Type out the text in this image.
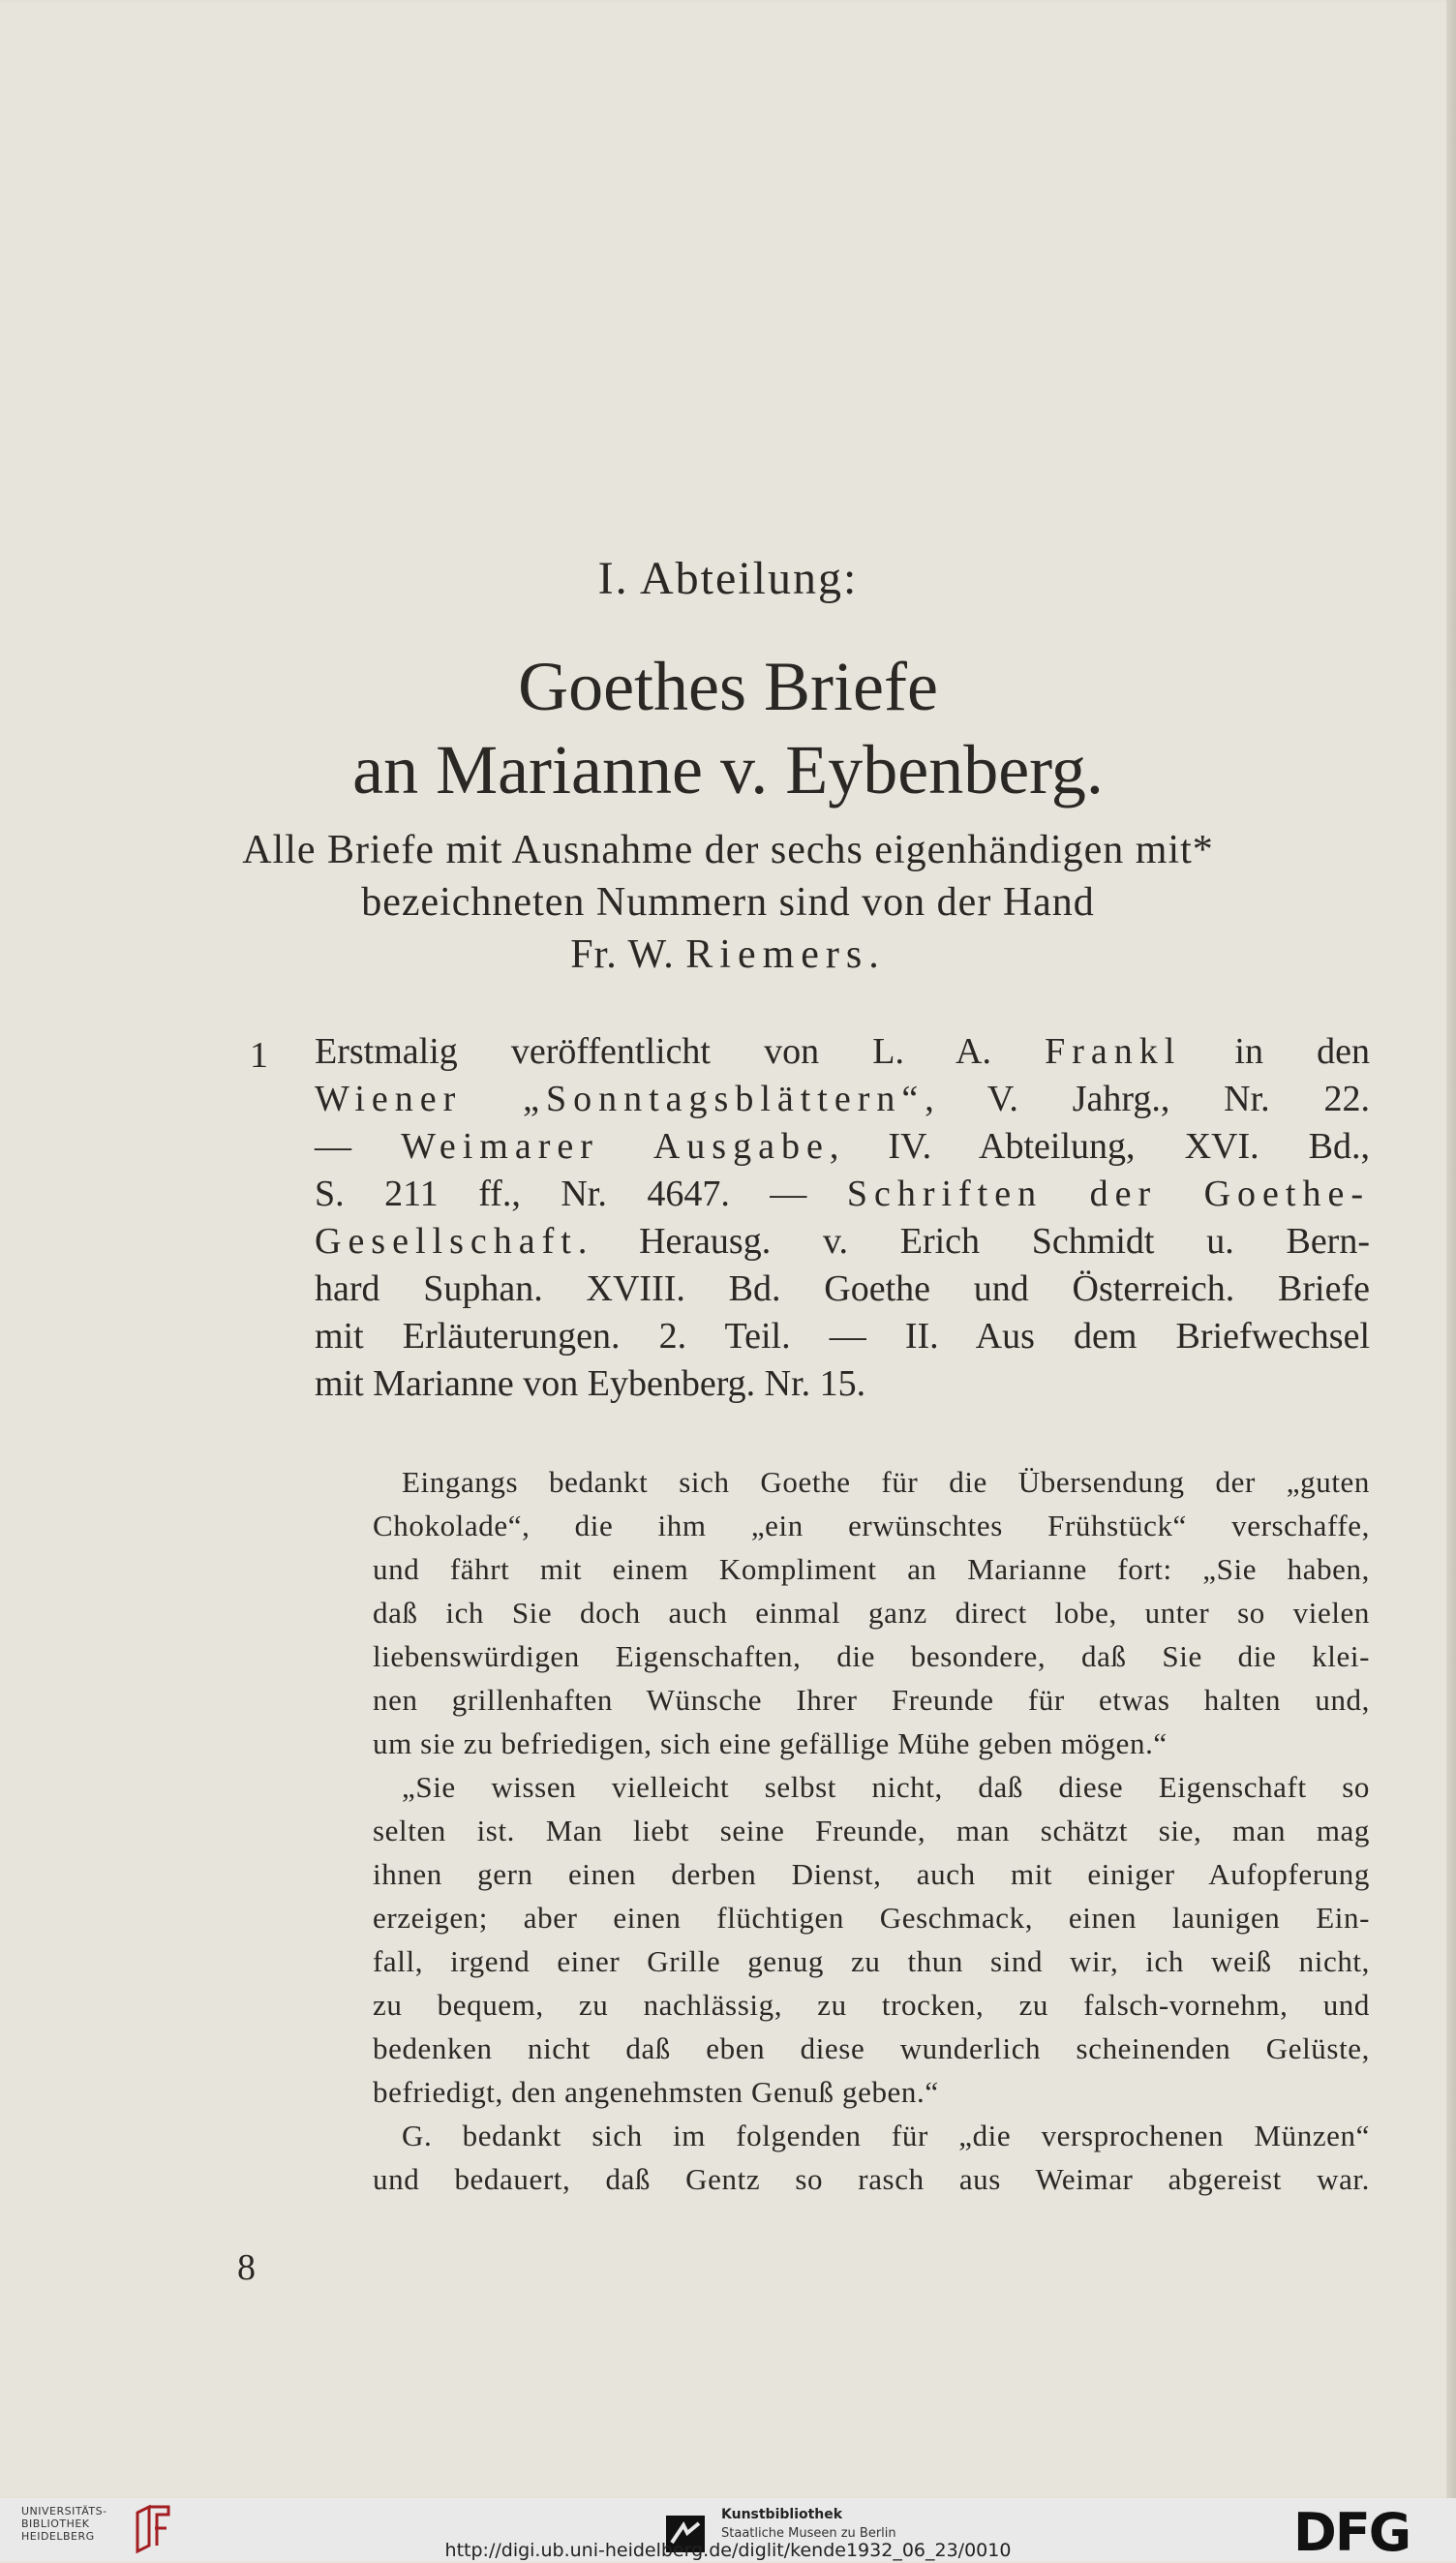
I. Abteilung:
Goethes Briefe
an Marianne v. Eybenberg.
Alle Briefe mit Ausnahme der sechs eigenhändigen mit*
bezeichneten Nummern sind von der Hand
Fr. W. Riemers.
1 Erstmalig veröffentlicht von L. A. Frankl in den
Wiener „Sonntagsblättern“, V. Jahrg., Nr. 22.
— Weimarer Ausgabe, IV. Abteilung, XVI. Bd.,
S. 211 ff., Nr. 4647. — Schriften der Goethe-
Gesellschaft. Herausg. v. Erich Schmidt u. Bern-
hard Suphan. XVIII. Bd. Goethe und Österreich. Briefe
mit Erläuterungen. 2. Teil. — II. Aus dem Briefwechsel
mit Marianne von Eybenberg. Nr. 15.
Eingangs bedankt sich Goethe für die Übersendung der „guten
Chokolade“, die ihm „ein erwünschtes Frühstück“ verschaffe,
und fährt mit einem Kompliment an Marianne fort: „Sie haben,
daß ich Sie doch auch einmal ganz direct lobe, unter so vielen
liebenswürdigen Eigenschaften, die besondere, daß Sie die klei-
nen grillenhaften Wünsche Ihrer Freunde für etwas halten und,
um sie zu befriedigen, sich eine gefällige Mühe geben mögen.“
„Sie wissen vielleicht selbst nicht, daß diese Eigenschaft so
selten ist. Man liebt seine Freunde, man schätzt sie, man mag
ihnen gern einen derben Dienst, auch mit einiger Aufopferung
erzeigen; aber einen flüchtigen Geschmack, einen launigen Ein-
fall, irgend einer Grille genug zu thun sind wir, ich weiß nicht,
zu bequem, zu nachlässig, zu trocken, zu falsch-vornehm, und
bedenken nicht daß eben diese wunderlich scheinenden Gelüste,
befriedigt, den angenehmsten Genuß geben.“
G. bedankt sich im folgenden für „die versprochenen Münzen“
und bedauert, daß Gentz so rasch aus Weimar abgereist war.
8
UNIVERSITÄTS-
BIBLIOTHEK
HEIDELBERG
Kunstbibliothek
Staatliche Museen zu Berlin	DFG
http://digi.ub.uni-heidelberg.de/diglit/kende1932_06_23/0010
